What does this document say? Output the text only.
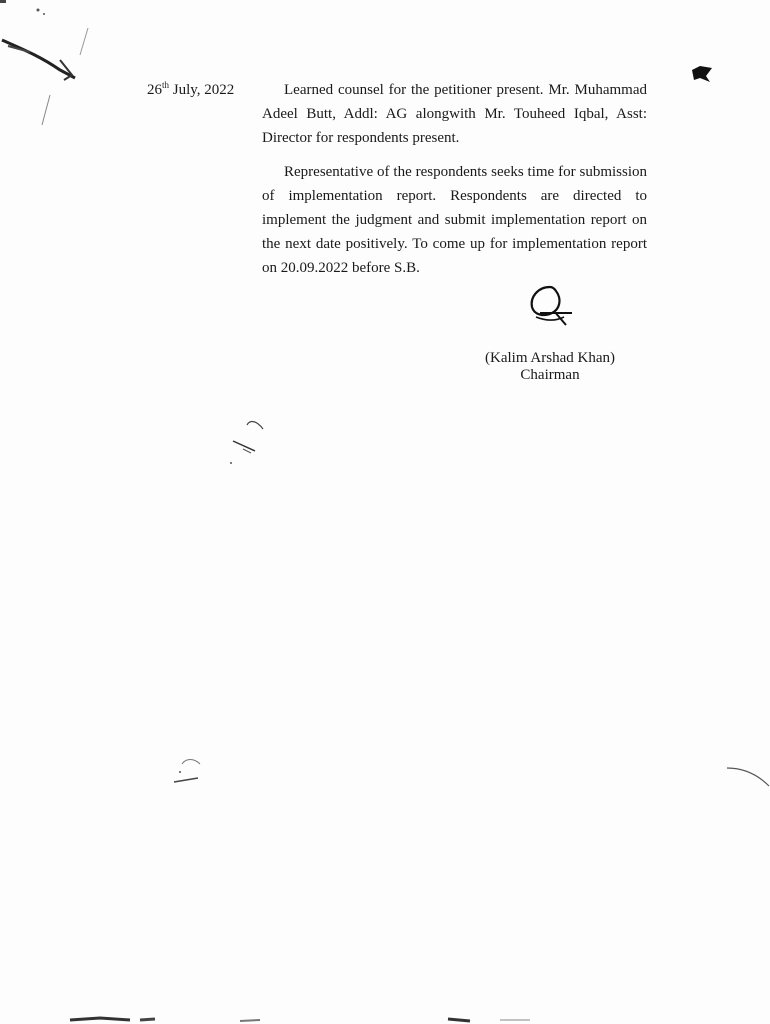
26th July, 2022	Learned counsel for the petitioner present. Mr. Muhammad Adeel Butt, Addl: AG alongwith Mr. Touheed Iqbal, Asst: Director for respondents present.

Representative of the respondents seeks time for submission of implementation report. Respondents are directed to implement the judgment and submit implementation report on the next date positively. To come up for implementation report on 20.09.2022 before S.B.

(Kalim Arshad Khan)
Chairman
